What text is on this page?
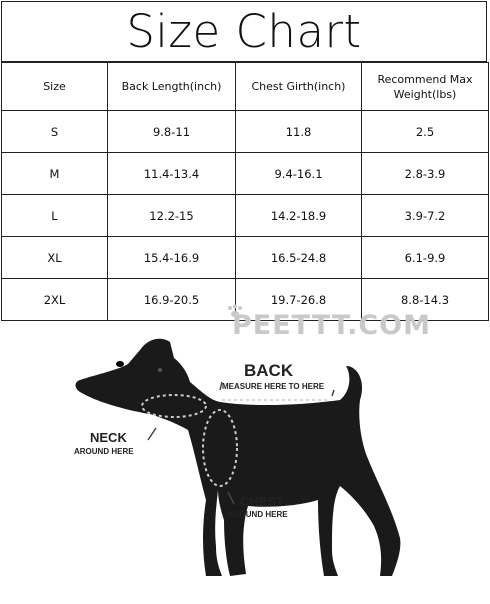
Size Chart
Size	Back Length(inch)	Chest Girth(inch)	Recommend Max Weight(lbs)
S	9.8-11	11.8	2.5
M	11.4-13.4	9.4-16.1	2.8-3.9
L	12.2-15	14.2-18.9	3.9-7.2
XL	15.4-16.9	16.5-24.8	6.1-9.9
2XL	16.9-20.5	19.7-26.8	8.8-14.3
PEETTT.COM
BACK
MEASURE HERE TO HERE
NECK
AROUND HERE
CHEST
AROUND HERE
